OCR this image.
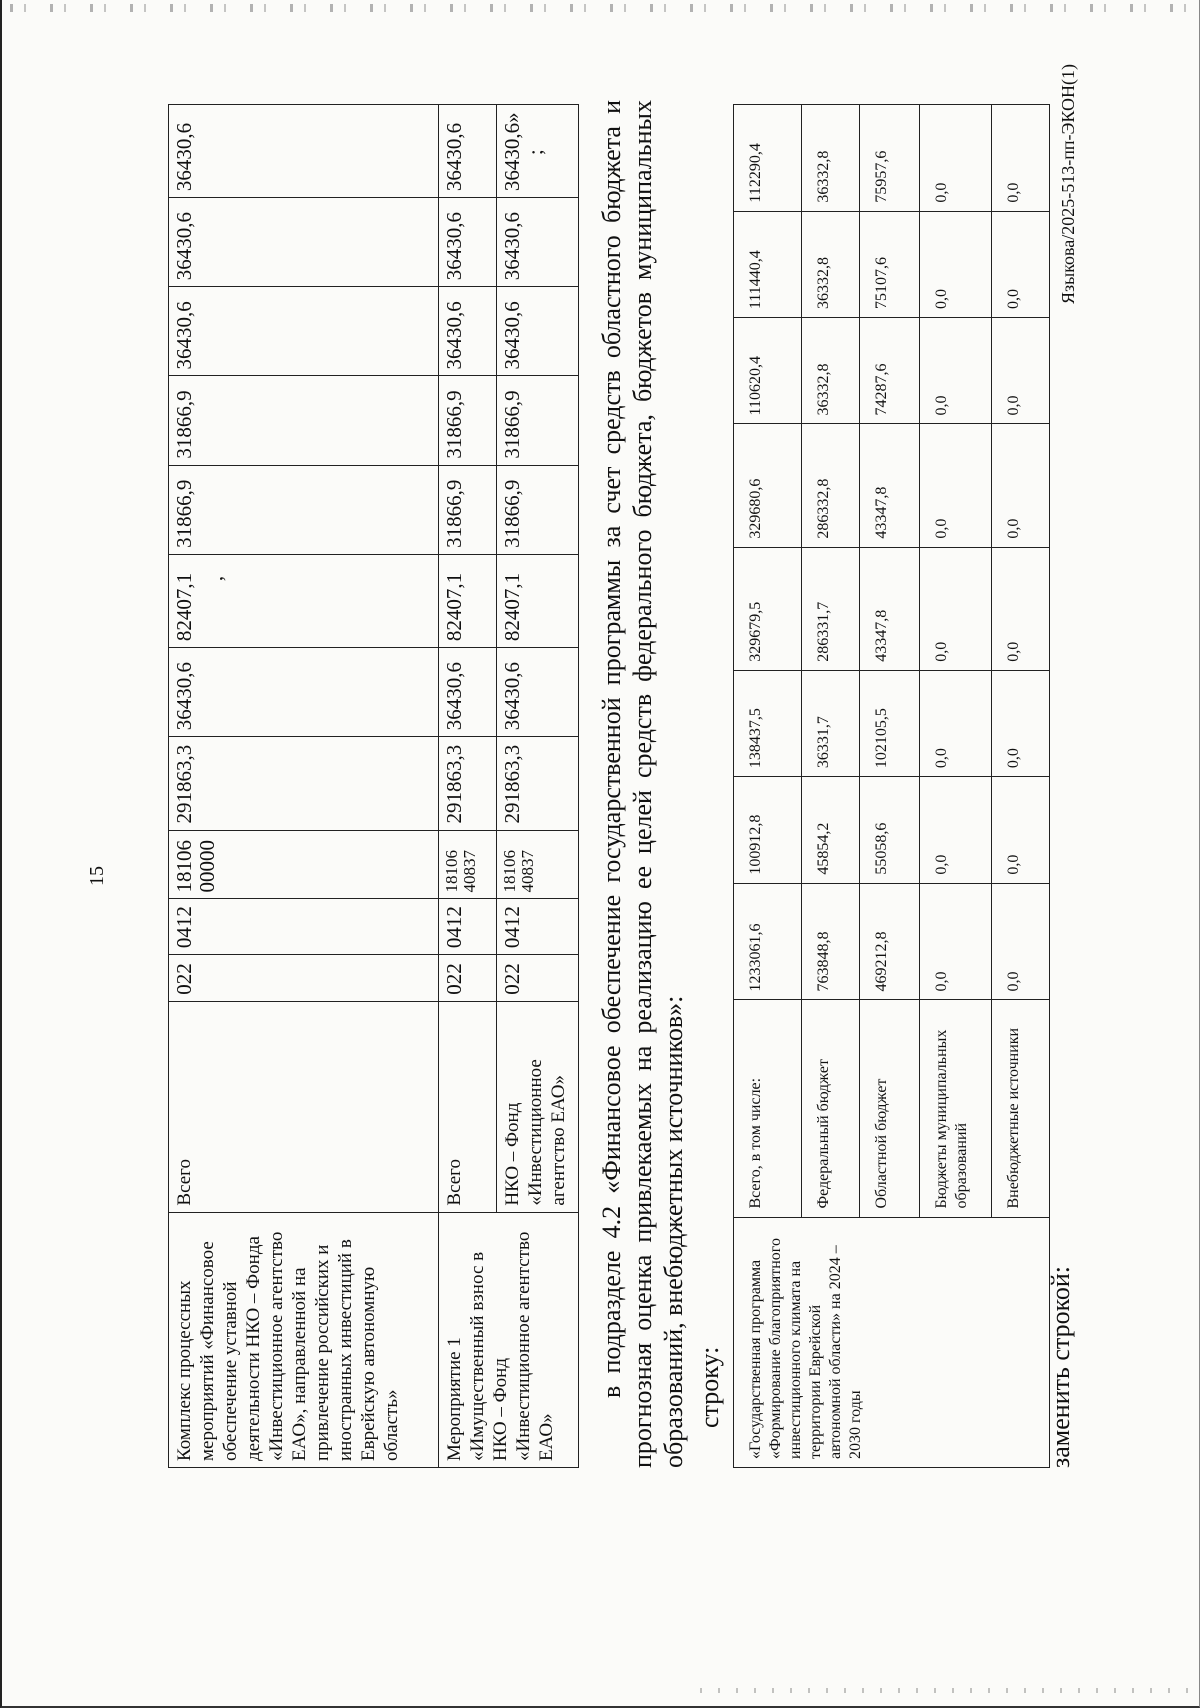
15
Комплекс процессных мероприятий «Финансовое обеспечение уставной деятельности НКО – Фонда «Инвестиционное агентство ЕАО», направленной на привлечение российских и иностранных инвестиций в Еврейскую автономную область»	Всего	022	0412	18106 00000	291863,3	36430,6	82407,1 ,	31866,9	31866,9	36430,6	36430,6	36430,6
Мероприятие 1 «Имущественный взнос в НКО – Фонд «Инвестиционное агентство ЕАО»	Всего	022	0412	18106 40837	291863,3	36430,6	82407,1	31866,9	31866,9	36430,6	36430,6	36430,6
	НКО – Фонд «Инвестиционное агентство ЕАО»	022	0412	18106 40837	291863,3	36430,6	82407,1	31866,9	31866,9	36430,6	36430,6	36430,6» ; в подразделе 4.2 «Финансовое обеспечение государственной программы за счет средств областного бюджета и прогнозная оценка привлекаемых на реализацию ее целей средств федерального бюджета, бюджетов муниципальных образований, внебюджетных источников»: строку: «Государственная программа «Формирование благоприятного инвестиционного климата на территории Еврейской автономной области» на 2024 – 2030 годы	Всего, в том числе:	1233061,6	100912,8	138437,5	329679,5	329680,6	110620,4	111440,4	112290,4
	Федеральный бюджет	763848,8	45854,2	36331,7	286331,7	286332,8	36332,8	36332,8	36332,8
	Областной бюджет	469212,8	55058,6	102105,5	43347,8	43347,8	74287,6	75107,6	75957,6
	Бюджеты муниципальных образований	0,0	0,0	0,0	0,0	0,0	0,0	0,0	0,0
	Внебюджетные источники	0,0	0,0	0,0	0,0	0,0	0,0	0,0	0,0
заменить строкой:
Языкова/2025-513-пп-ЭКОН(1)
